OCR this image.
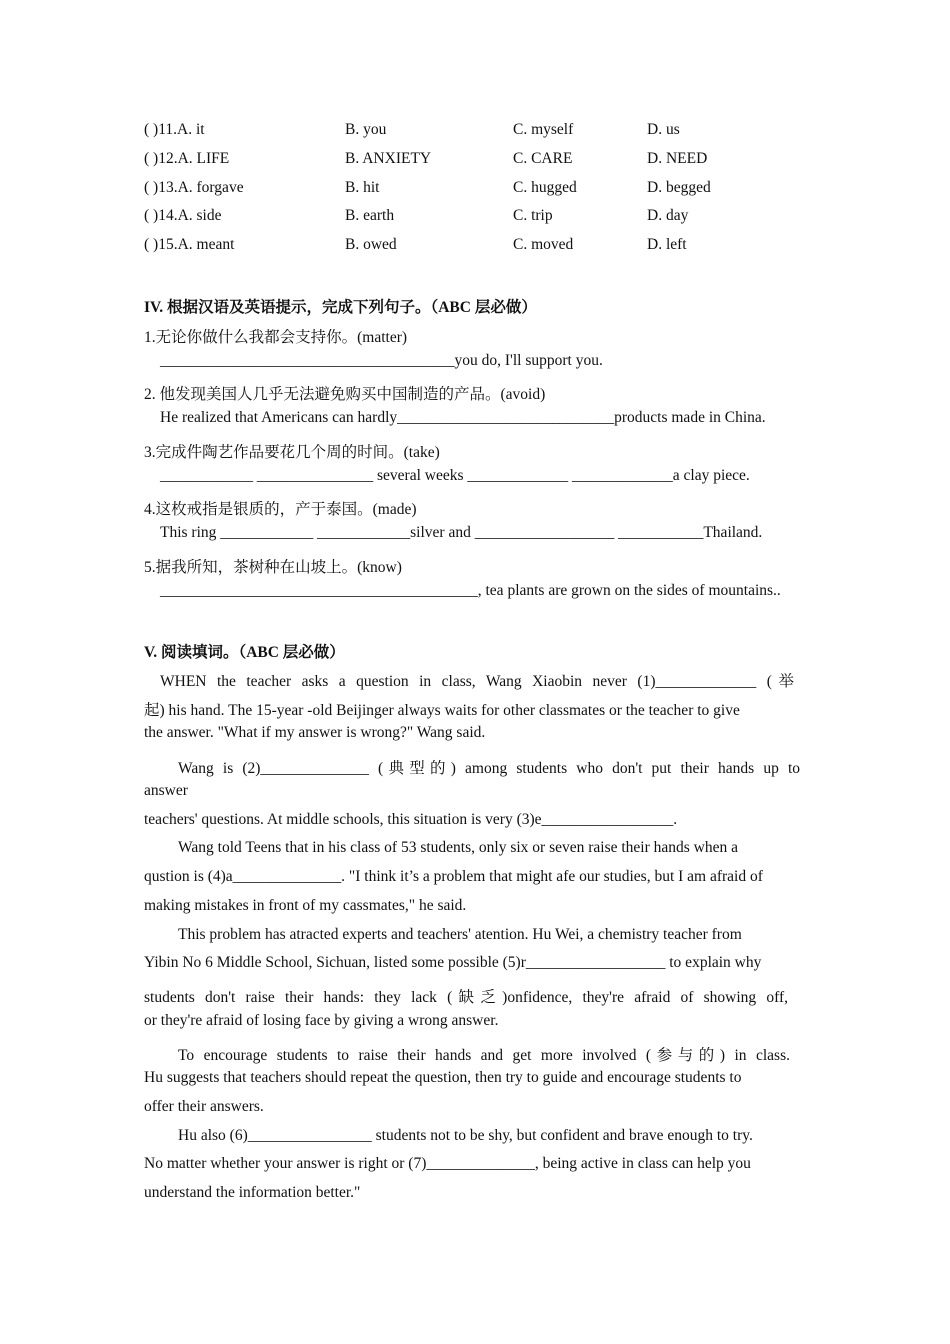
( )11.A. it	B. you	C. myself	D. us
( )12.A. LIFE	B. ANXIETY	C. CARE	D. NEED
( )13.A. forgave	B. hit	C. hugged	D. begged
( )14.A. side	B. earth	C. trip	D. day
( )15.A. meant	B. owed	C. moved	D. left
IV. 根据汉语及英语提示，完成下列句子。（ABC 层必做）
1.无论你做什么我都会支持你。(matter)
______________________________________you do, I'll support you.
2. 他发现美国人几乎无法避免购买中国制造的产品。(avoid)
He realized that Americans can hardly____________________________products made in China.
3.完成件陶艺作品要花几个周的时间。(take)
____________ _______________ several weeks _____________ _____________a clay piece.
4.这枚戒指是银质的，产于泰国。(made)
This ring ____________ ____________silver and __________________ ___________Thailand.
5.据我所知，茶树种在山坡上。(know)
_________________________________________, tea plants are grown on the sides of mountains..
V. 阅读填词。（ABC 层必做）
WHEN the teacher asks a question in class, Wang Xiaobin never (1)_____________ (举
起) his hand. The 15-year -old Beijinger always waits for other classmates or the teacher to give
the answer. "What if my answer is wrong?" Wang said.
Wang is (2)______________ (典型的) among students who don't put their hands up to
answer
teachers' questions. At middle schools, this situation is very (3)e_________________.
Wang told Teens that in his class of 53 students, only six or seven raise their hands when a
qustion is (4)a______________. "I think it’s a problem that might afe our studies, but I am afraid of
making mistakes in front of my cassmates," he said.
This problem has atracted experts and teachers' atention. Hu Wei, a chemistry teacher from
Yibin No 6 Middle School, Sichuan, listed some possible (5)r__________________ to explain why
students don't raise their hands: they lack (缺乏)onfidence, they're afraid of showing off,
or they're afraid of losing face by giving a wrong answer.
To encourage students to raise their hands and get more involved (参与的) in class.
Hu suggests that teachers should repeat the question, then try to guide and encourage students to
offer their answers.
Hu also (6)________________ students not to be shy, but confident and brave enough to try.
No matter whether your answer is right or (7)______________, being active in class can help you
understand the information better."
